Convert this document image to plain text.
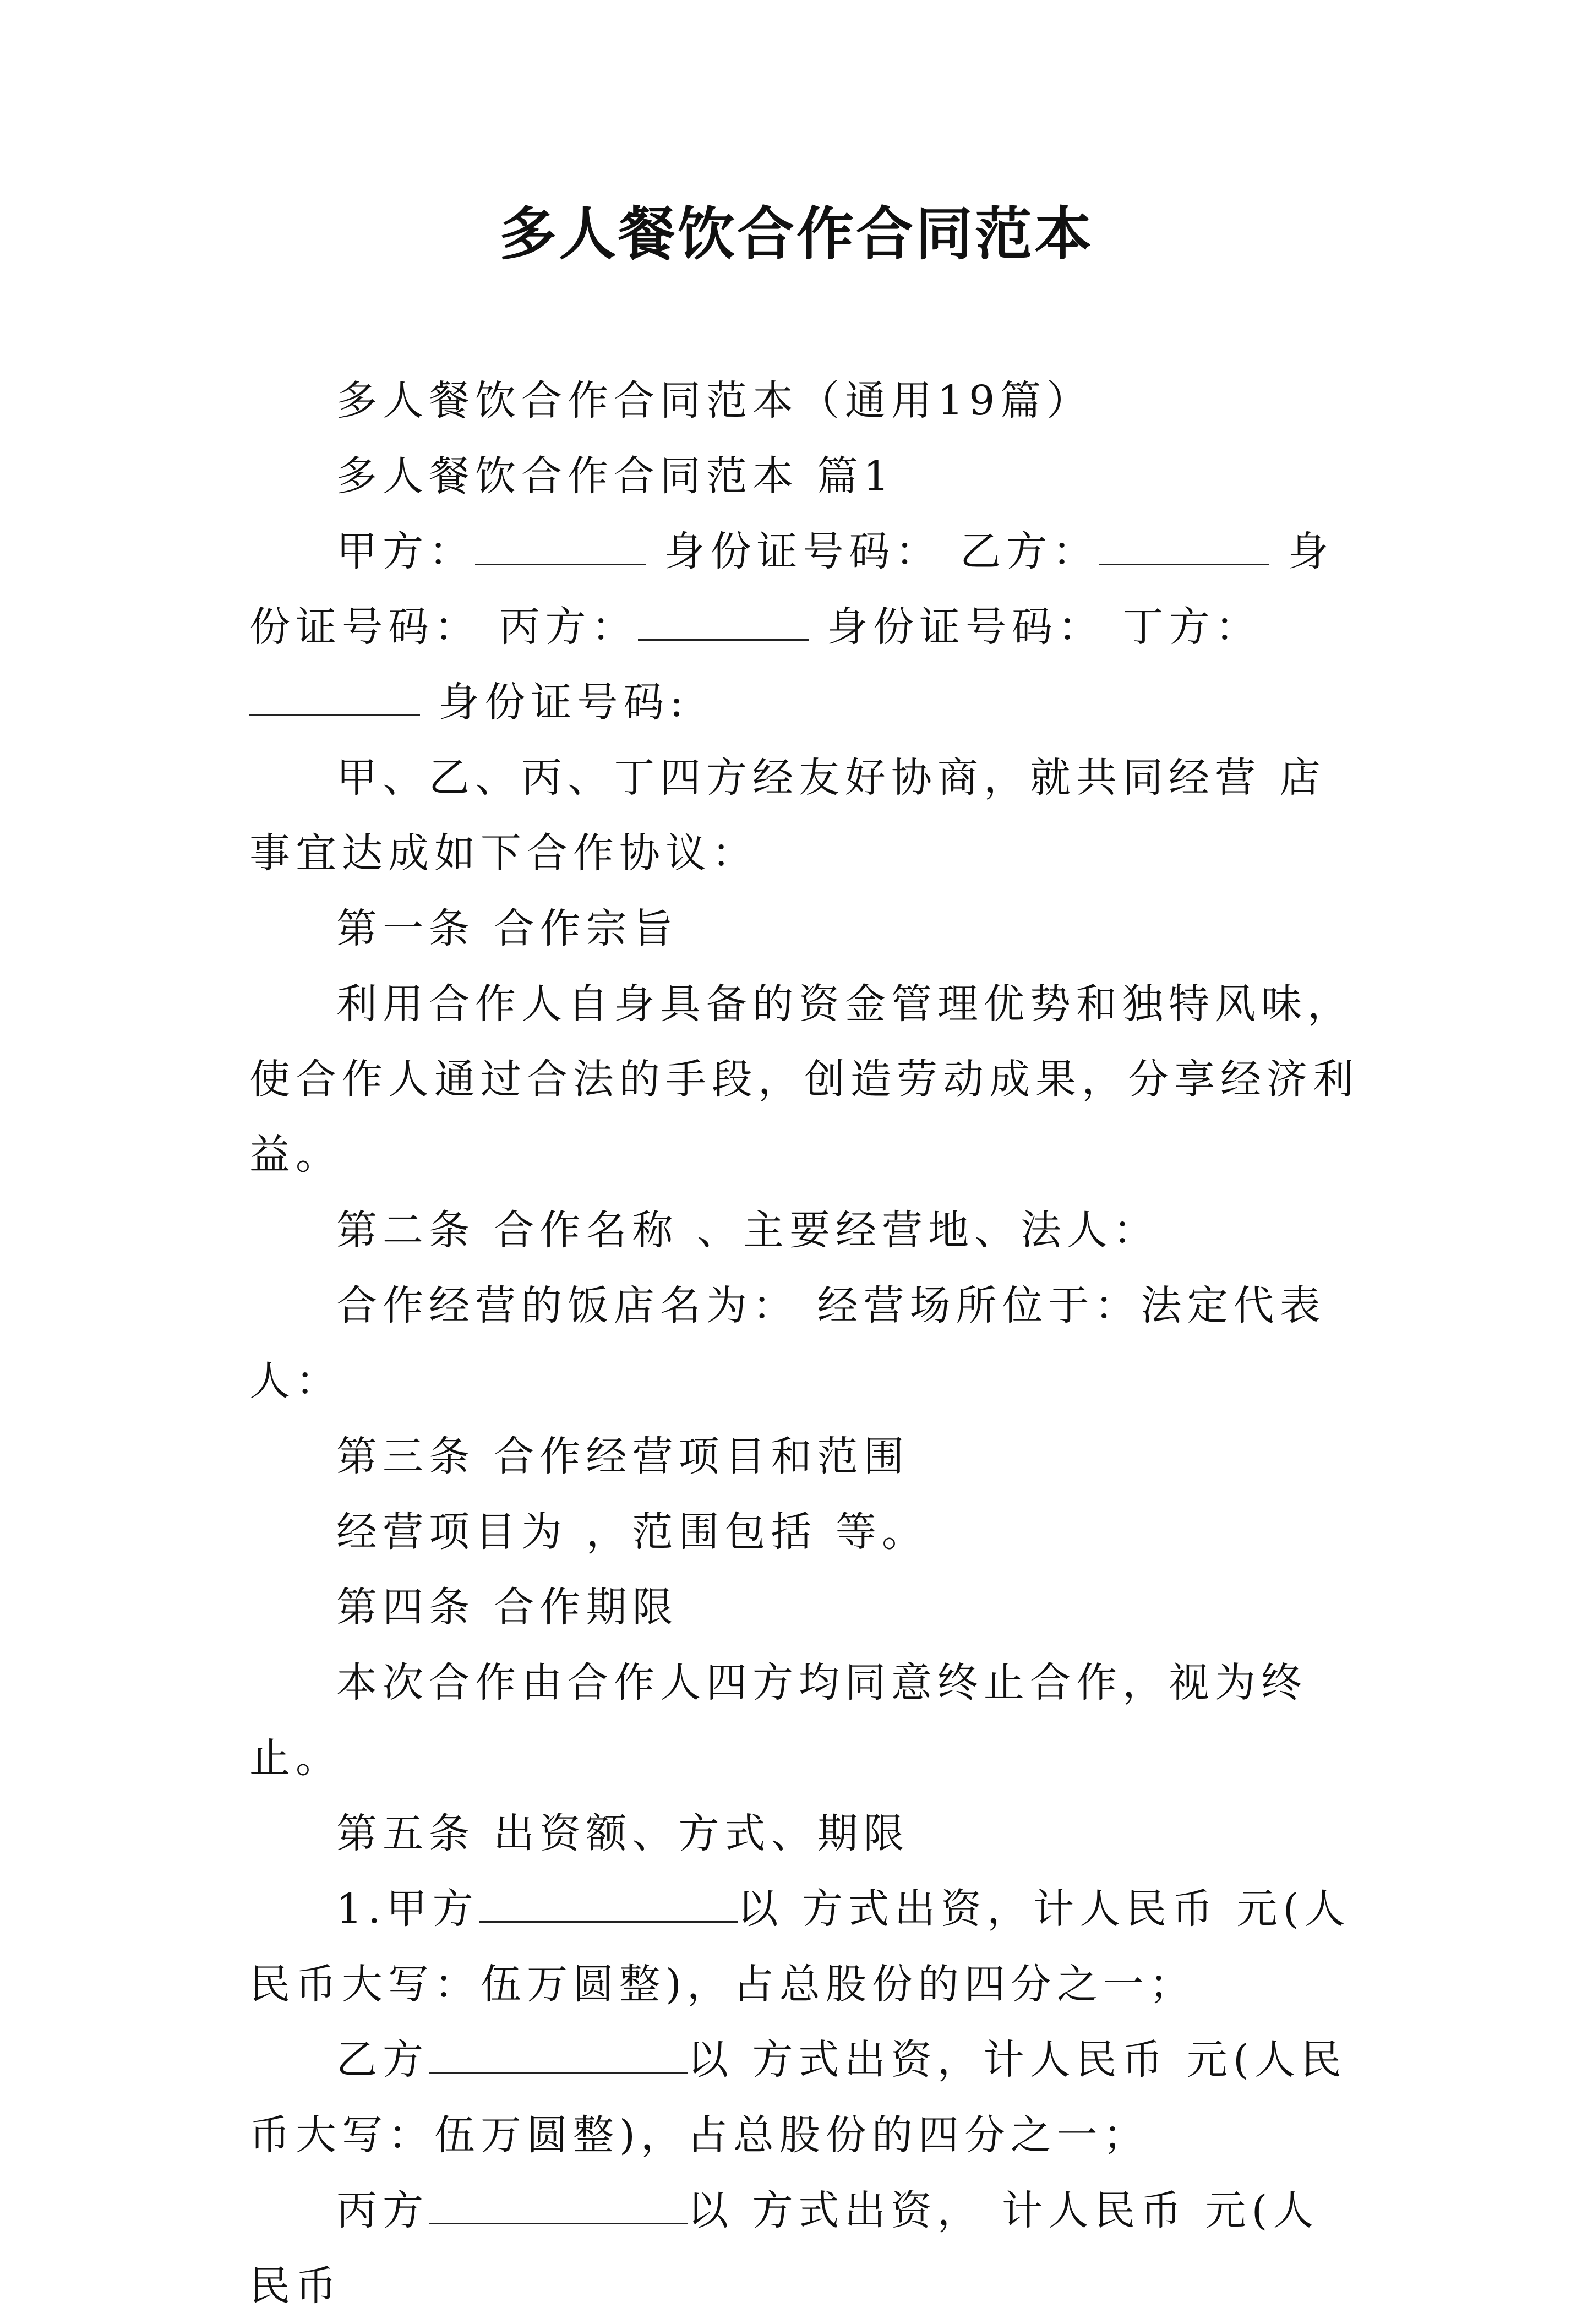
多人餐饮合作合同范本

多人餐饮合作合同范本（通用19篇）

多人餐饮合作合同范本 篇1

甲方：	身份证号码： 乙方：	身份证号码： 丙方：	身份证号码： 丁方： 身份证号码:

甲、乙、丙、丁四方经友好协商，就共同经营 店事宜达成如下合作协议：

第一条 合作宗旨

利用合作人自身具备的资金管理优势和独特风味，使合作人通过合法的手段，创造劳动成果，分享经济利益。

第二条 合作名称 、主要经营地、法人：

合作经营的饭店名为： 经营场所位于：法定代表人：

第三条 合作经营项目和范围

经营项目为 ，范围包括 等。

第四条 合作期限

本次合作由合作人四方均同意终止合作，视为终止。

第五条 出资额、方式、期限

1.甲方	以 方式出资，计人民币 元(人民币大写：伍万圆整)，占总股份的四分之一；

乙方	以 方式出资，计人民币 元(人民币大写：伍万圆整)，占总股份的四分之一；

丙方	以 方式出资， 计人民币 元(人民币
